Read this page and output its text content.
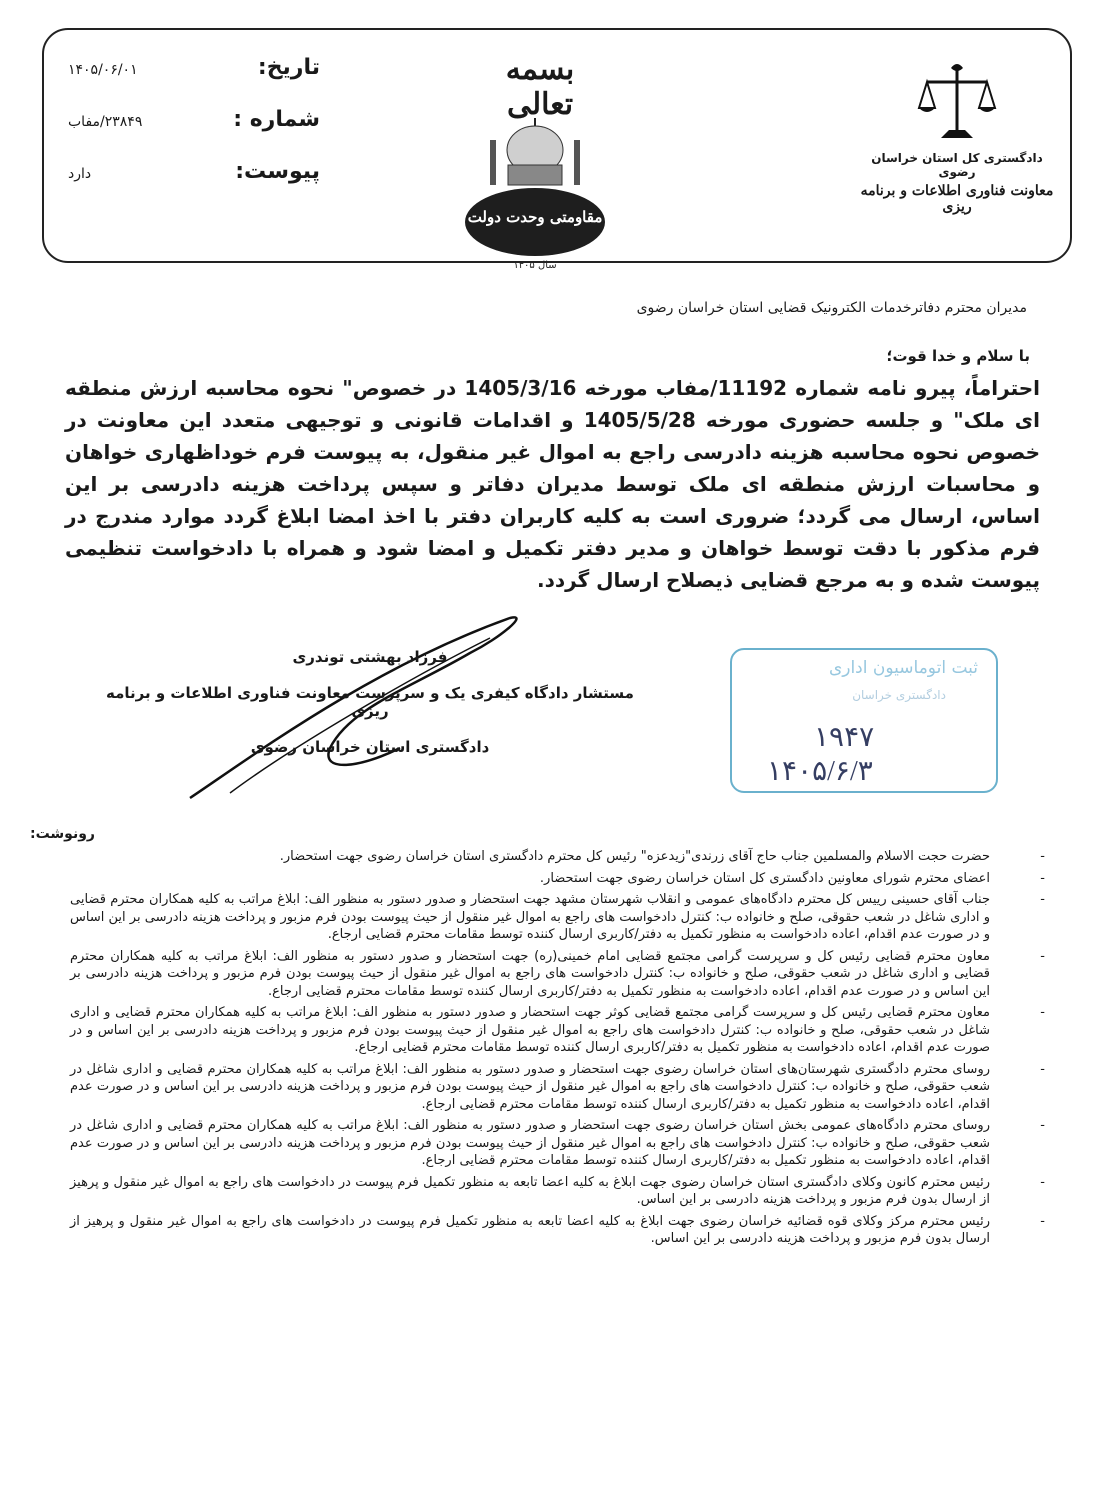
تاریخ:
۱۴۰۵/۰۶/۰۱
شماره :
۲۳۸۴۹/مفاب
پیوست:
دارد
بسمه تعالی
اقتصاد مقاومتی وحدت دولت و ملت
سال ۱۴۰۵
دادگستری کل استان خراسان رضوی
معاونت فناوری اطلاعات و برنامه ریزی
مدیران محترم دفاترخدمات الکترونیک قضایی استان خراسان رضوی
با سلام و خدا قوت؛
احتراماً، پیرو نامه شماره 11192/مفاب مورخه 1405/3/16 در خصوص" نحوه محاسبه ارزش منطقه ای ملک" و جلسه حضوری مورخه 1405/5/28 و اقدامات قانونی و توجیهی متعدد این معاونت در خصوص نحوه محاسبه هزینه دادرسی راجع به اموال غیر منقول، به پیوست فرم خوداظهاری خواهان و محاسبات ارزش منطقه ای ملک توسط مدیران دفاتر و سپس پرداخت هزینه دادرسی بر این اساس، ارسال می گردد؛ ضروری است به کلیه کاربران دفتر با اخذ امضا ابلاغ گردد موارد مندرج در فرم مذکور با دقت توسط خواهان و مدیر دفتر تکمیل و امضا شود و همراه با دادخواست تنظیمی پیوست شده و به مرجع قضایی ذیصلاح ارسال گردد.
فرزاد بهشتی توندری
مستشار دادگاه کیفری یک و سرپرست معاونت فناوری اطلاعات و برنامه ریزی
دادگستری استان خراسان رضوی
ثبت اتوماسیون اداری
دادگستری خراسان
۱۹۴۷
۱۴۰۵/۶/۳
رونوشت:
-
حضرت حجت الاسلام والمسلمین جناب حاج آقای زرندی"زیدعزه" رئیس کل محترم دادگستری استان خراسان رضوی جهت استحضار.
-
اعضای محترم شورای معاونین دادگستری کل استان خراسان رضوی جهت استحضار.
-
جناب آقای حسینی رییس کل محترم دادگاه‌های عمومی و انقلاب شهرستان مشهد جهت استحضار و صدور دستور به منظور الف: ابلاغ مراتب به کلیه همکاران محترم قضایی و اداری شاغل در شعب حقوقی، صلح و خانواده ب: کنترل دادخواست های راجع به اموال غیر منقول از حیث پیوست بودن فرم مزبور و پرداخت هزینه دادرسی بر این اساس و در صورت عدم اقدام، اعاده دادخواست به منظور تکمیل به دفتر/کاربری ارسال کننده توسط مقامات محترم قضایی ارجاع.
-
معاون محترم قضایی رئیس کل و سرپرست گرامی مجتمع قضایی امام خمینی(ره) جهت استحضار و صدور دستور به منظور الف: ابلاغ مراتب به کلیه همکاران محترم قضایی و اداری شاغل در شعب حقوقی، صلح و خانواده ب: کنترل دادخواست های راجع به اموال غیر منقول از حیث پیوست بودن فرم مزبور و پرداخت هزینه دادرسی بر این اساس و در صورت عدم اقدام، اعاده دادخواست به منظور تکمیل به دفتر/کاربری ارسال کننده توسط مقامات محترم قضایی ارجاع.
-
معاون محترم قضایی رئیس کل و سرپرست گرامی مجتمع قضایی کوثر جهت استحضار و صدور دستور به منظور الف: ابلاغ مراتب به کلیه همکاران محترم قضایی و اداری شاغل در شعب حقوقی، صلح و خانواده ب: کنترل دادخواست های راجع به اموال غیر منقول از حیث پیوست بودن فرم مزبور و پرداخت هزینه دادرسی بر این اساس و در صورت عدم اقدام، اعاده دادخواست به منظور تکمیل به دفتر/کاربری ارسال کننده توسط مقامات محترم قضایی ارجاع.
-
روسای محترم دادگستری شهرستان‌های استان خراسان رضوی جهت استحضار و صدور دستور به منظور الف: ابلاغ مراتب به کلیه همکاران محترم قضایی و اداری شاغل در شعب حقوقی، صلح و خانواده ب: کنترل دادخواست های راجع به اموال غیر منقول از حیث پیوست بودن فرم مزبور و پرداخت هزینه دادرسی بر این اساس و در صورت عدم اقدام، اعاده دادخواست به منظور تکمیل به دفتر/کاربری ارسال کننده توسط مقامات محترم قضایی ارجاع.
-
روسای محترم دادگاه‌های عمومی بخش استان خراسان رضوی جهت استحضار و صدور دستور به منظور الف: ابلاغ مراتب به کلیه همکاران محترم قضایی و اداری شاغل در شعب حقوقی، صلح و خانواده ب: کنترل دادخواست های راجع به اموال غیر منقول از حیث پیوست بودن فرم مزبور و پرداخت هزینه دادرسی بر این اساس و در صورت عدم اقدام، اعاده دادخواست به منظور تکمیل به دفتر/کاربری ارسال کننده توسط مقامات محترم قضایی ارجاع.
-
رئیس محترم کانون وکلای دادگستری استان خراسان رضوی جهت ابلاغ به کلیه اعضا تابعه به منظور تکمیل فرم پیوست در دادخواست های راجع به اموال غیر منقول و پرهیز از ارسال بدون فرم مزبور و پرداخت هزینه دادرسی بر این اساس.
-
رئیس محترم مرکز وکلای قوه قضائیه خراسان رضوی جهت ابلاغ به کلیه اعضا تابعه به منظور تکمیل فرم پیوست در دادخواست های راجع به اموال غیر منقول و پرهیز از ارسال بدون فرم مزبور و پرداخت هزینه دادرسی بر این اساس.
